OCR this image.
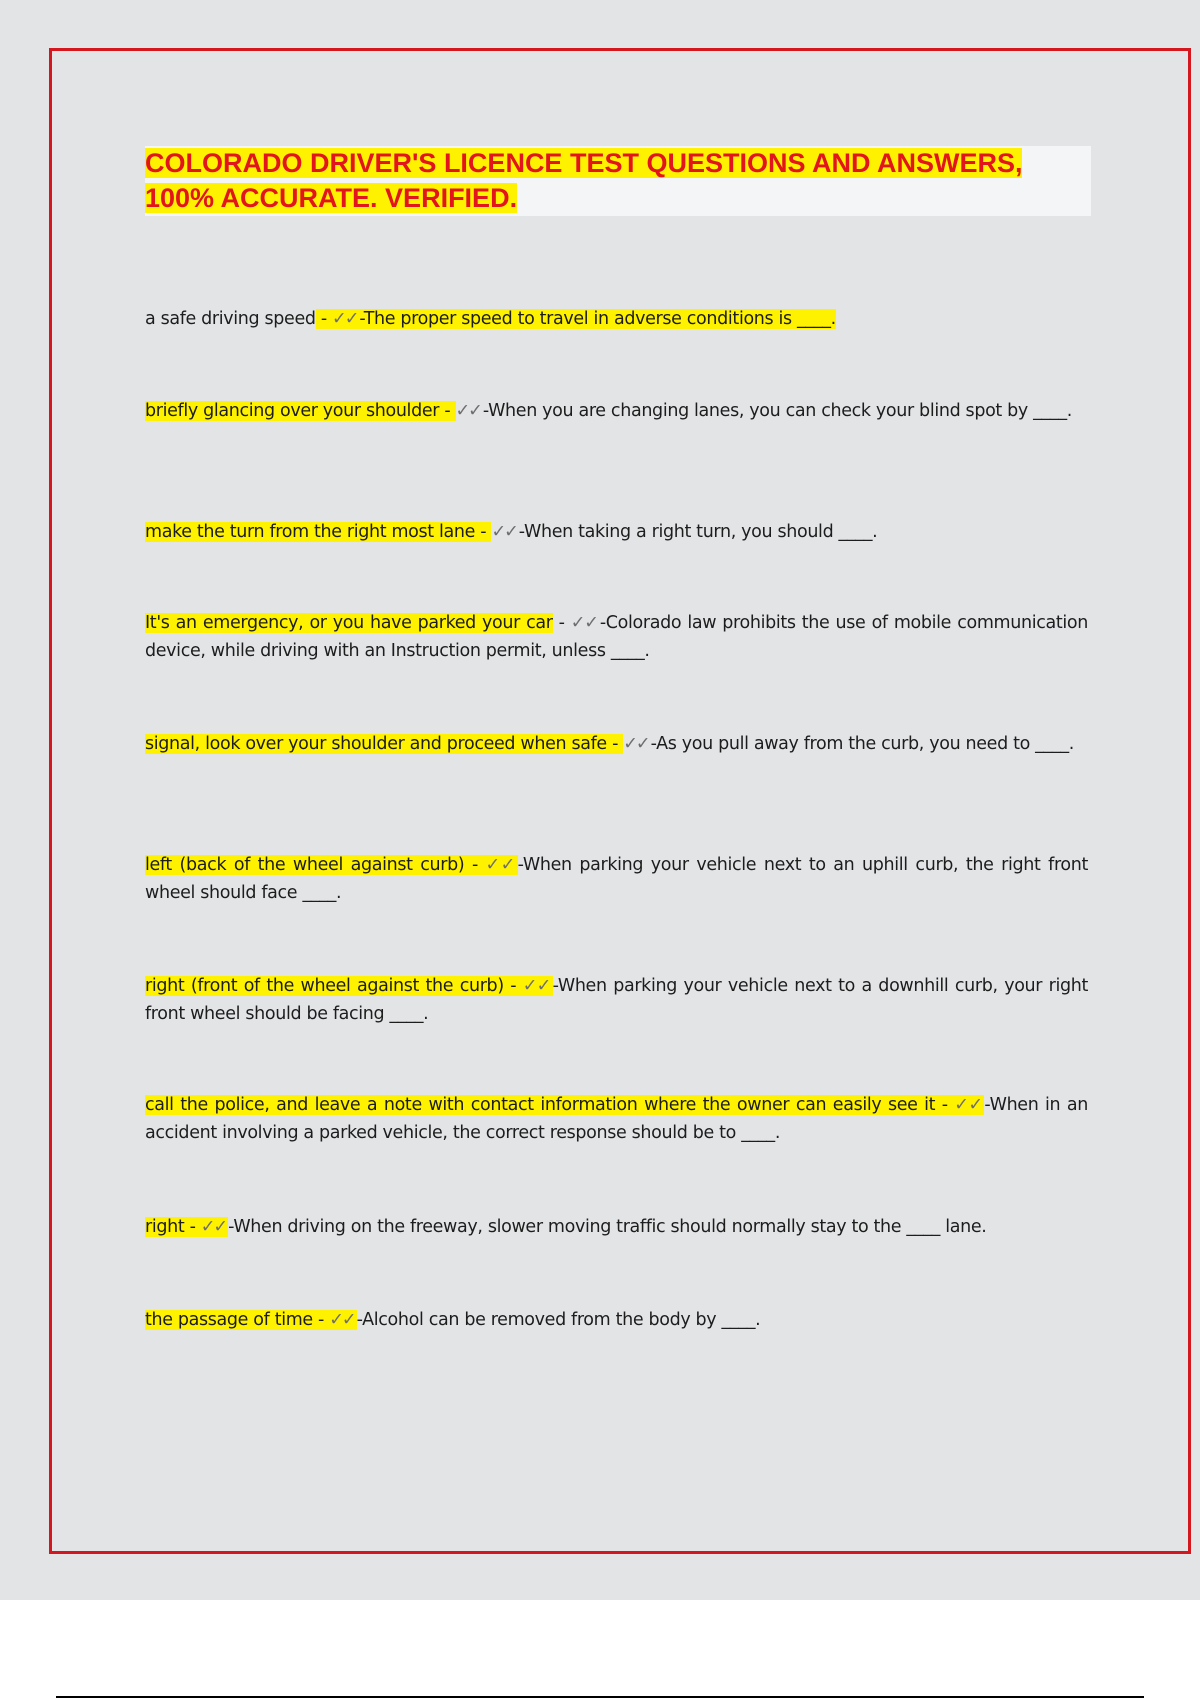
COLORADO DRIVER'S LICENCE TEST QUESTIONS AND ANSWERS,
100% ACCURATE. VERIFIED.

a safe driving speed - ✓✓ -The proper speed to travel in adverse conditions is ____.

briefly glancing over your shoulder - ✓✓ -When you are changing lanes, you can check your blind spot by ____.

make the turn from the right most lane - ✓✓ -When taking a right turn, you should ____.

It's an emergency, or you have parked your car - ✓✓ -Colorado law prohibits the use of mobile communication device, while driving with an Instruction permit, unless ____.

signal, look over your shoulder and proceed when safe - ✓✓ -As you pull away from the curb, you need to ____.

left (back of the wheel against curb) - ✓✓ -When parking your vehicle next to an uphill curb, the right front wheel should face ____.

right (front of the wheel against the curb) - ✓✓ -When parking your vehicle next to a downhill curb, your right front wheel should be facing ____.

call the police, and leave a note with contact information where the owner can easily see it - ✓✓ -When in an accident involving a parked vehicle, the correct response should be to ____.

right - ✓✓ -When driving on the freeway, slower moving traffic should normally stay to the ____ lane.

the passage of time - ✓✓ -Alcohol can be removed from the body by ____.
